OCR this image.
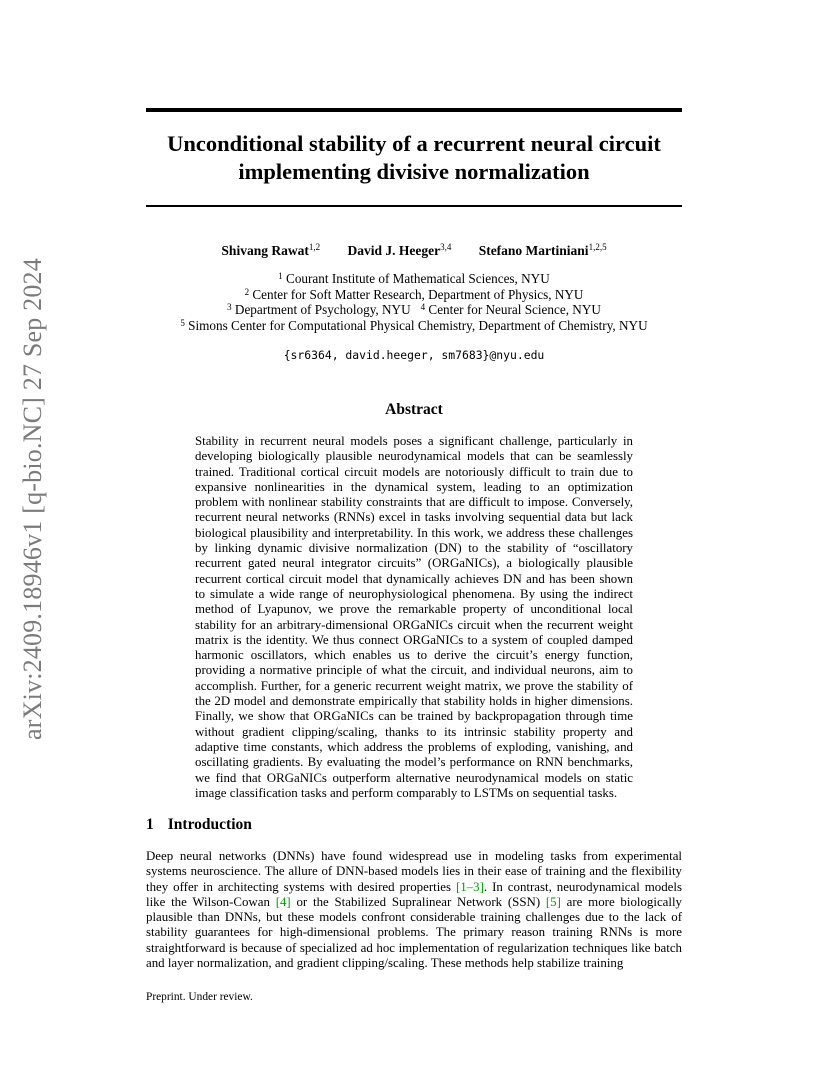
arXiv:2409.18946v1 [q-bio.NC] 27 Sep 2024
Unconditional stability of a recurrent neural circuit
implementing divisive normalization
Shivang Rawat$^{1,2}$ David J. Heeger$^{3,4}$ Stefano Martiniani$^{1,2,5}$
$^1$ Courant Institute of Mathematical Sciences, NYU
$^2$ Center for Soft Matter Research, Department of Physics, NYU
$^3$ Department of Psychology, NYU $^4$ Center for Neural Science, NYU
$^5$ Simons Center for Computational Physical Chemistry, Department of Chemistry, NYU
{sr6364, david.heeger, sm7683}@nyu.edu
Abstract
Stability in recurrent neural models poses a significant challenge, particularly in developing biologically plausible neurodynamical models that can be seamlessly trained. Traditional cortical circuit models are notoriously difficult to train due to expansive nonlinearities in the dynamical system, leading to an optimization problem with nonlinear stability constraints that are difficult to impose. Conversely, recurrent neural networks (RNNs) excel in tasks involving sequential data but lack biological plausibility and interpretability. In this work, we address these challenges by linking dynamic divisive normalization (DN) to the stability of “oscillatory recurrent gated neural integrator circuits” (ORGaNICs), a biologically plausible recurrent cortical circuit model that dynamically achieves DN and has been shown to simulate a wide range of neurophysiological phenomena. By using the indirect method of Lyapunov, we prove the remarkable property of unconditional local stability for an arbitrary-dimensional ORGaNICs circuit when the recurrent weight matrix is the identity. We thus connect ORGaNICs to a system of coupled damped harmonic oscillators, which enables us to derive the circuit’s energy function, providing a normative principle of what the circuit, and individual neurons, aim to accomplish. Further, for a generic recurrent weight matrix, we prove the stability of the 2D model and demonstrate empirically that stability holds in higher dimensions. Finally, we show that ORGaNICs can be trained by backpropagation through time without gradient clipping/scaling, thanks to its intrinsic stability property and adaptive time constants, which address the problems of exploding, vanishing, and oscillating gradients. By evaluating the model’s performance on RNN benchmarks, we find that ORGaNICs outperform alternative neurodynamical models on static image classification tasks and perform comparably to LSTMs on sequential tasks.
1 Introduction
Deep neural networks (DNNs) have found widespread use in modeling tasks from experimental systems neuroscience. The allure of DNN-based models lies in their ease of training and the flexibility they offer in architecting systems with desired properties [1–3]. In contrast, neurodynamical models like the Wilson-Cowan [4] or the Stabilized Supralinear Network (SSN) [5] are more biologically plausible than DNNs, but these models confront considerable training challenges due to the lack of stability guarantees for high-dimensional problems. The primary reason training RNNs is more straightforward is because of specialized ad hoc implementation of regularization techniques like batch and layer normalization, and gradient clipping/scaling. These methods help stabilize training
Preprint. Under review.
